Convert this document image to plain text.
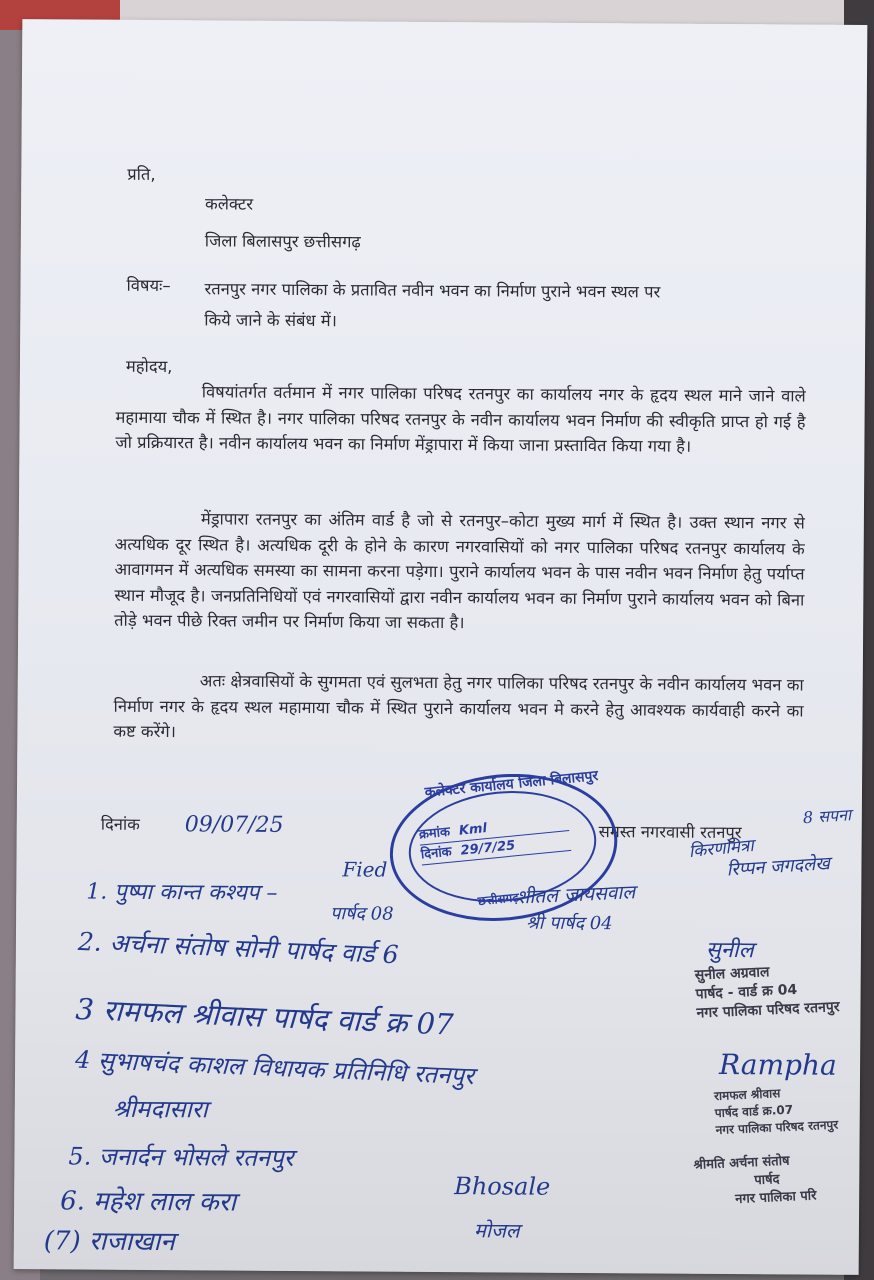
प्रति,
कलेक्टर
जिला बिलासपुर छत्तीसगढ़
विषयः– रतनपुर नगर पालिका के प्रतावित नवीन भवन का निर्माण पुराने भवन स्थल पर
किये जाने के संबंध में।
महोदय,
विषयांतर्गत वर्तमान में नगर पालिका परिषद रतनपुर का कार्यालय नगर के हृदय स्थल माने जाने वाले महामाया चौक में स्थित है। नगर पालिका परिषद रतनपुर के नवीन कार्यालय भवन निर्माण की स्वीकृति प्राप्त हो गई है जो प्रक्रियारत है। नवीन कार्यालय भवन का निर्माण मेंड्रापारा में किया जाना प्रस्तावित किया गया है।
मेंड्रापारा रतनपुर का अंतिम वार्ड है जो से रतनपुर–कोटा मुख्य मार्ग में स्थित है। उक्त स्थान नगर से अत्यधिक दूर स्थित है। अत्यधिक दूरी के होने के कारण नगरवासियों को नगर पालिका परिषद रतनपुर कार्यालय के आवागमन में अत्यधिक समस्या का सामना करना पड़ेगा। पुराने कार्यालय भवन के पास नवीन भवन निर्माण हेतु पर्याप्त स्थान मौजूद है। जनप्रतिनिधियों एवं नगरवासियों द्वारा नवीन कार्यालय भवन का निर्माण पुराने कार्यालय भवन को बिना तोड़े भवन पीछे रिक्त जमीन पर निर्माण किया जा सकता है।
अतः क्षेत्रवासियों के सुगमता एवं सुलभता हेतु नगर पालिका परिषद रतनपुर के नवीन कार्यालय भवन का निर्माण नगर के हृदय स्थल महामाया चौक में स्थित पुराने कार्यालय भवन मे करने हेतु आवश्यक कार्यवाही करने का कष्ट करेंगे।
दिनांक 09/07/25	समस्त नगरवासी रतनपुर
कलेक्टर कार्यालय जिला बिलासपुर
क्रमांक Kml
दिनांक 29/7/25
छत्तीसगढ़
8 सपना
किरणमित्रा
रिप्पन जगदलेख
Fied
शीतल जायसवाल
श्री पार्षद 04
1. पुष्पा कान्त कश्यप –
पार्षद 08
2. अर्चना संतोष सोनी पार्षद वार्ड 6
3 रामफल श्रीवास पार्षद वार्ड क्र 07
4 सुभाषचंद काशल विधायक प्रतिनिधि रतनपुर
श्रीमदासारा
5. जनार्दन भोसले रतनपुर
6. महेश लाल करा
(7) राजाखान
Bhosale
मोजल
सुनील
सुनील अग्रवाल
पार्षद - वार्ड क्र 04
नगर पालिका परिषद रतनपुर
Rampha
रामफल श्रीवास
पार्षद वार्ड क्र.07
नगर पालिका परिषद रतनपुर
श्रीमति अर्चना संतोष
पार्षद
नगर पालिका परि
